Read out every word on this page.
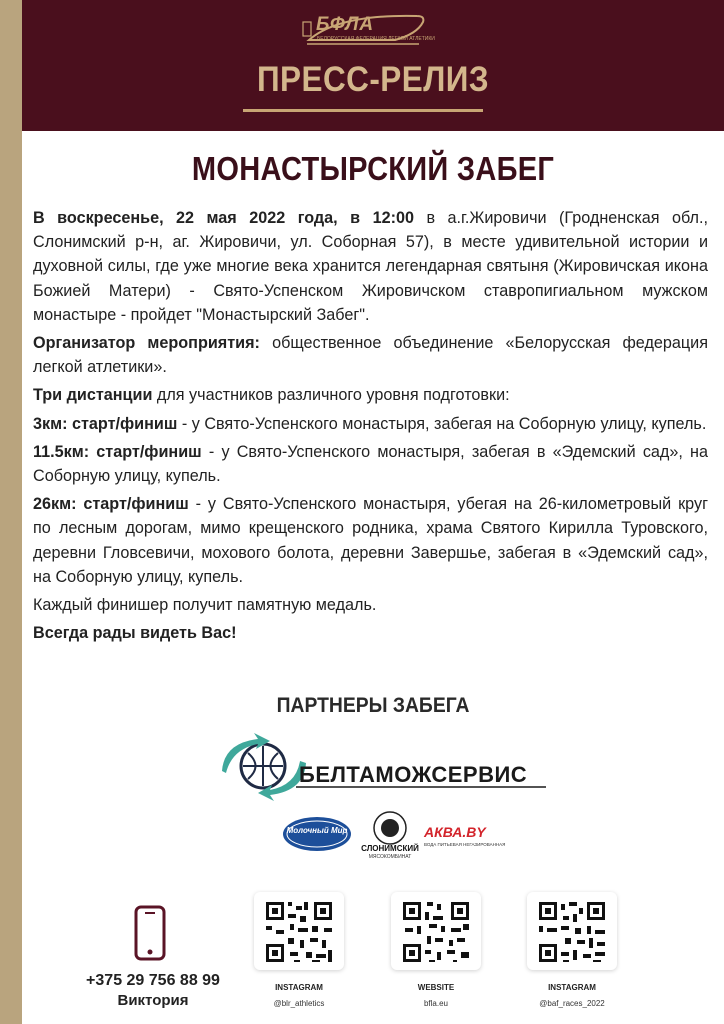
БФЛА
БЕЛОРУССКАЯ ФЕДЕРАЦИЯ ЛЕГКОЙ АТЛЕТИКИ
ПРЕСС-РЕЛИЗ
МОНАСТЫРСКИЙ ЗАБЕГ

В воскресенье, 22 мая 2022 года, в 12:00 в а.г.Жировичи (Гродненская обл., Слонимский р-н, аг. Жировичи, ул. Соборная 57), в месте удивительной истории и духовной силы, где уже многие века хранится легендарная святыня (Жировичская икона Божией Матери) - Свято-Успенском Жировичском ставропигиальном мужском монастыре - пройдет "Монастырский Забег".

Организатор мероприятия: общественное объединение «Белорусская федерация легкой атлетики».

Три дистанции для участников различного уровня подготовки:

3км: старт/финиш - у Свято-Успенского монастыря, забегая на Соборную улицу, купель.

11.5км: старт/финиш - у Свято-Успенского монастыря, забегая в «Эдемский сад», на Соборную улицу, купель.

26км: старт/финиш - у Свято-Успенского монастыря, убегая на 26-километровый круг по лесным дорогам, мимо крещенского родника, храма Святого Кирилла Туровского, деревни Гловсевичи, мохового болота, деревни Завершье, забегая в «Эдемский сад», на Соборную улицу, купель.

Каждый финишер получит памятную медаль.

Всегда рады видеть Вас!

ПАРТНЕРЫ ЗАБЕГА
БЕЛТАМОЖСЕРВИС
Молочный Мир
СЛОНИМСКИЙ
МЯСОКОМБИНАТ
АКВА.BY
ВОДА ПИТЬЕВАЯ НЕГАЗИРОВАННАЯ
+375 29 756 88 99
Виктория
INSTAGRAM
@blr_athletics
WEBSITE
bfla.eu
INSTAGRAM
@baf_races_2022
